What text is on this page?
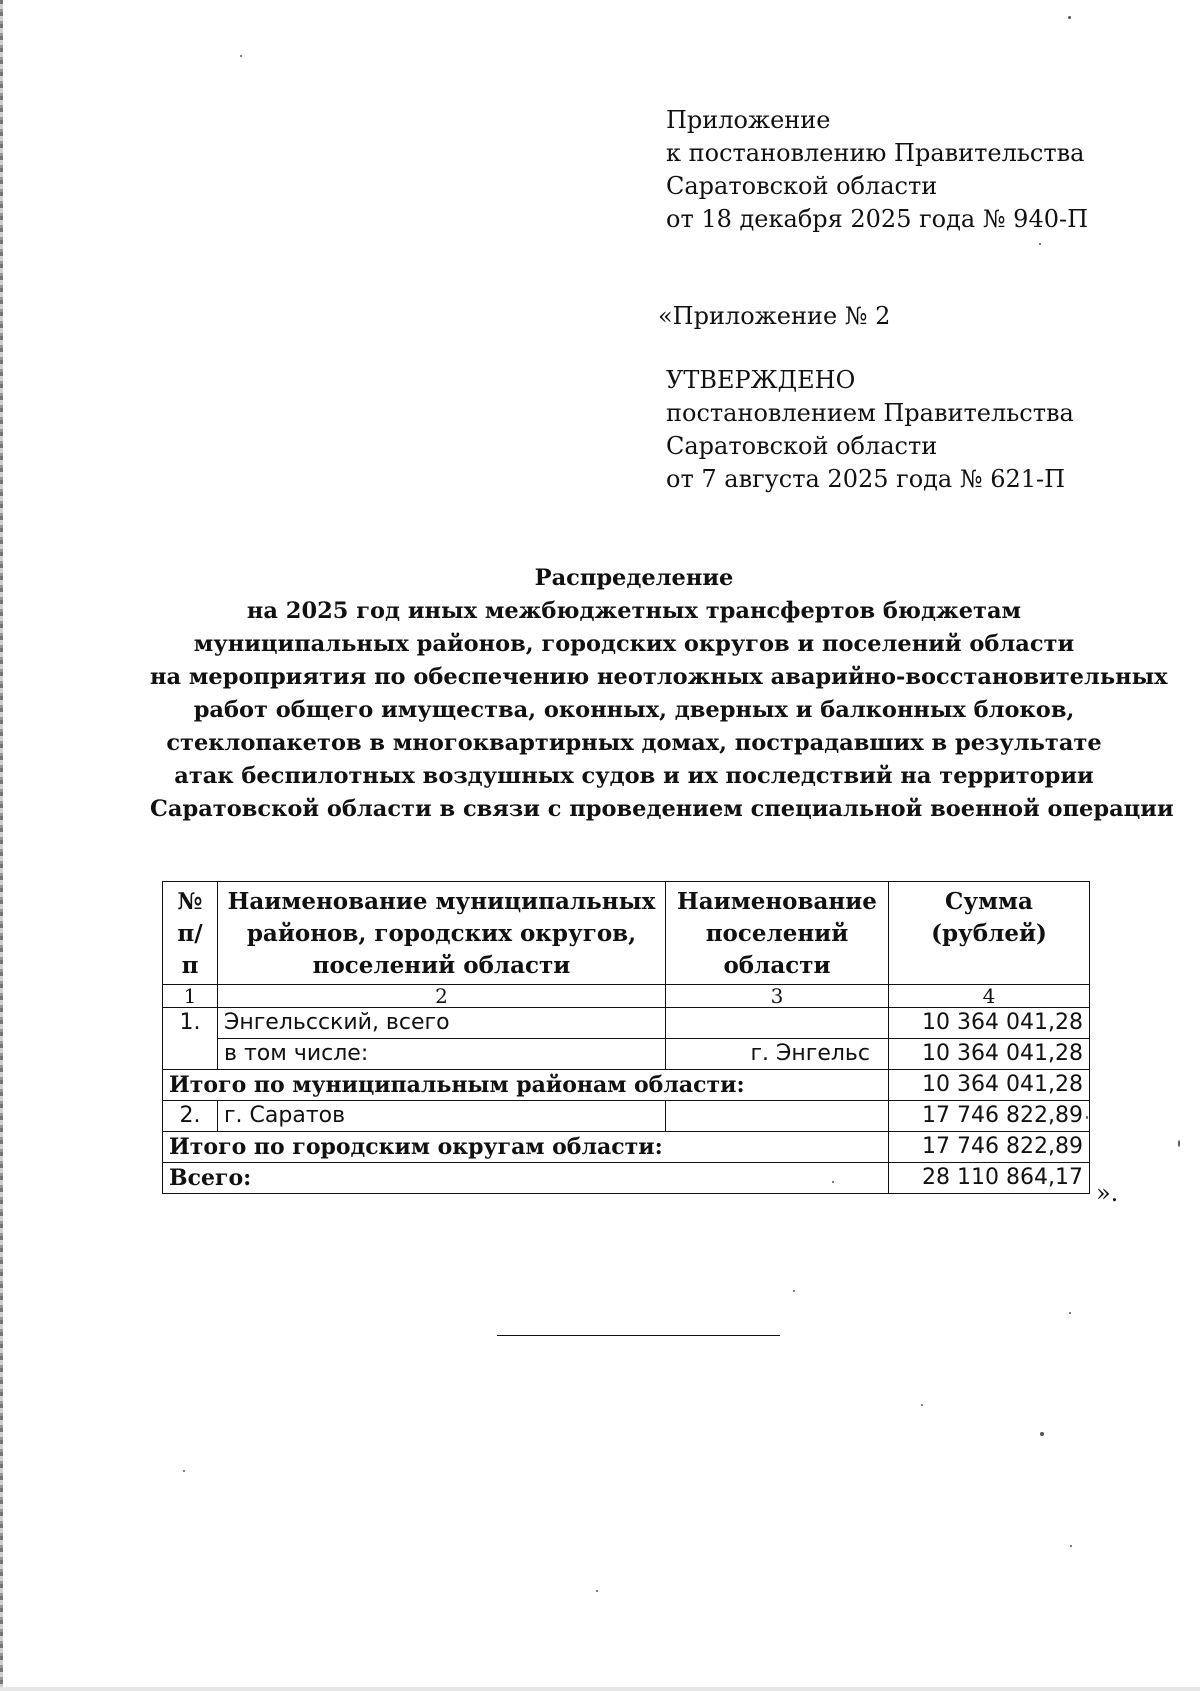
Приложение
к постановлению Правительства
Саратовской области
от 18 декабря 2025 года № 940-П
«Приложение № 2
УТВЕРЖДЕНО
постановлением Правительства
Саратовской области
от 7 августа 2025 года № 621-П
Распределение
на 2025 год иных межбюджетных трансфертов бюджетам
муниципальных районов, городских округов и поселений области
на мероприятия по обеспечению неотложных аварийно-восстановительных
работ общего имущества, оконных, дверных и балконных блоков,
стеклопакетов в многоквартирных домах, пострадавших в результате
атак беспилотных воздушных судов и их последствий на территории
Саратовской области в связи с проведением специальной военной операции
№ п/п	Наименование муниципальных районов, городских округов, поселений области	Наименование поселений области	Сумма (рублей)
1	2	3	4
1.	Энгельсский, всего		10 364 041,28
	в том числе:	г. Энгельс	10 364 041,28
Итого по муниципальным районам области:			10 364 041,28
2.	г. Саратов		17 746 822,89
Итого по городским округам области:			17 746 822,89
Всего:			28 110 864,17
».
